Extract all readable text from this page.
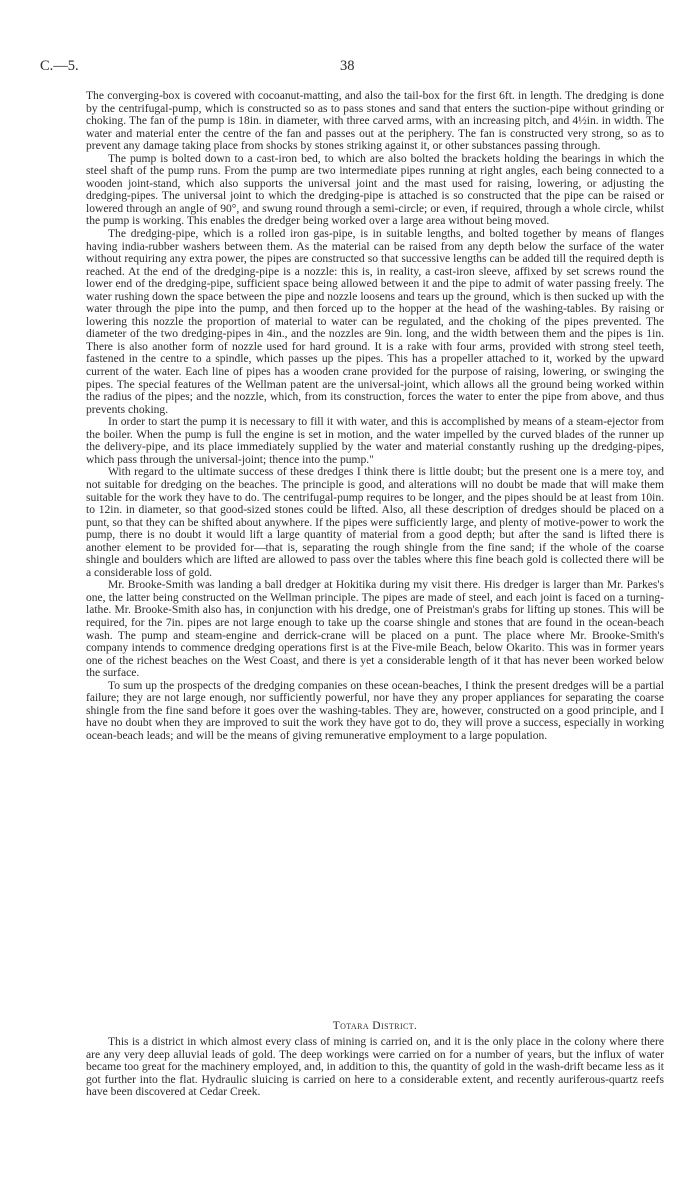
C.—5.	38

The converging-box is covered with cocoanut-matting, and also the tail-box for the first 6ft. in length. The dredging is done by the centrifugal-pump, which is constructed so as to pass stones and sand that enters the suction-pipe without grinding or choking. The fan of the pump is 18in. in diameter, with three carved arms, with an increasing pitch, and 4½in. in width. The water and material enter the centre of the fan and passes out at the periphery. The fan is constructed very strong, so as to prevent any damage taking place from shocks by stones striking against it, or other substances passing through.

The pump is bolted down to a cast-iron bed, to which are also bolted the brackets holding the bearings in which the steel shaft of the pump runs. From the pump are two intermediate pipes running at right angles, each being connected to a wooden joint-stand, which also supports the universal joint and the mast used for raising, lowering, or adjusting the dredging-pipes. The universal joint to which the dredging-pipe is attached is so constructed that the pipe can be raised or lowered through an angle of 90°, and swung round through a semi-circle; or even, if required, through a whole circle, whilst the pump is working. This enables the dredger being worked over a large area without being moved.

The dredging-pipe, which is a rolled iron gas-pipe, is in suitable lengths, and bolted together by means of flanges having india-rubber washers between them. As the material can be raised from any depth below the surface of the water without requiring any extra power, the pipes are constructed so that successive lengths can be added till the required depth is reached. At the end of the dredging-pipe is a nozzle: this is, in reality, a cast-iron sleeve, affixed by set screws round the lower end of the dredging-pipe, sufficient space being allowed between it and the pipe to admit of water passing freely. The water rushing down the space between the pipe and nozzle loosens and tears up the ground, which is then sucked up with the water through the pipe into the pump, and then forced up to the hopper at the head of the washing-tables. By raising or lowering this nozzle the proportion of material to water can be regulated, and the choking of the pipes prevented. The diameter of the two dredging-pipes in 4in., and the nozzles are 9in. long, and the width between them and the pipes is 1in. There is also another form of nozzle used for hard ground. It is a rake with four arms, provided with strong steel teeth, fastened in the centre to a spindle, which passes up the pipes. This has a propeller attached to it, worked by the upward current of the water. Each line of pipes has a wooden crane provided for the purpose of raising, lowering, or swinging the pipes. The special features of the Wellman patent are the universal-joint, which allows all the ground being worked within the radius of the pipes; and the nozzle, which, from its construction, forces the water to enter the pipe from above, and thus prevents choking.

In order to start the pump it is necessary to fill it with water, and this is accomplished by means of a steam-ejector from the boiler. When the pump is full the engine is set in motion, and the water impelled by the curved blades of the runner up the delivery-pipe, and its place immediately supplied by the water and material constantly rushing up the dredging-pipes, which pass through the universal-joint; thence into the pump."

With regard to the ultimate success of these dredges I think there is little doubt; but the present one is a mere toy, and not suitable for dredging on the beaches. The principle is good, and alterations will no doubt be made that will make them suitable for the work they have to do. The centrifugal-pump requires to be longer, and the pipes should be at least from 10in. to 12in. in diameter, so that good-sized stones could be lifted. Also, all these description of dredges should be placed on a punt, so that they can be shifted about anywhere. If the pipes were sufficiently large, and plenty of motive-power to work the pump, there is no doubt it would lift a large quantity of material from a good depth; but after the sand is lifted there is another element to be provided for—that is, separating the rough shingle from the fine sand; if the whole of the coarse shingle and boulders which are lifted are allowed to pass over the tables where this fine beach gold is collected there will be a considerable loss of gold.

Mr. Brooke-Smith was landing a ball dredger at Hokitika during my visit there. His dredger is larger than Mr. Parkes's one, the latter being constructed on the Wellman principle. The pipes are made of steel, and each joint is faced on a turning-lathe. Mr. Brooke-Smith also has, in conjunction with his dredge, one of Preistman's grabs for lifting up stones. This will be required, for the 7in. pipes are not large enough to take up the coarse shingle and stones that are found in the ocean-beach wash. The pump and steam-engine and derrick-crane will be placed on a punt. The place where Mr. Brooke-Smith's company intends to commence dredging operations first is at the Five-mile Beach, below Okarito. This was in former years one of the richest beaches on the West Coast, and there is yet a considerable length of it that has never been worked below the surface.

To sum up the prospects of the dredging companies on these ocean-beaches, I think the present dredges will be a partial failure; they are not large enough, nor sufficiently powerful, nor have they any proper appliances for separating the coarse shingle from the fine sand before it goes over the washing-tables. They are, however, constructed on a good principle, and I have no doubt when they are improved to suit the work they have got to do, they will prove a success, especially in working ocean-beach leads; and will be the means of giving remunerative employment to a large population.

Totara District.

This is a district in which almost every class of mining is carried on, and it is the only place in the colony where there are any very deep alluvial leads of gold. The deep workings were carried on for a number of years, but the influx of water became too great for the machinery employed, and, in addition to this, the quantity of gold in the wash-drift became less as it got further into the flat. Hydraulic sluicing is carried on here to a considerable extent, and recently auriferous-quartz reefs have been discovered at Cedar Creek.
